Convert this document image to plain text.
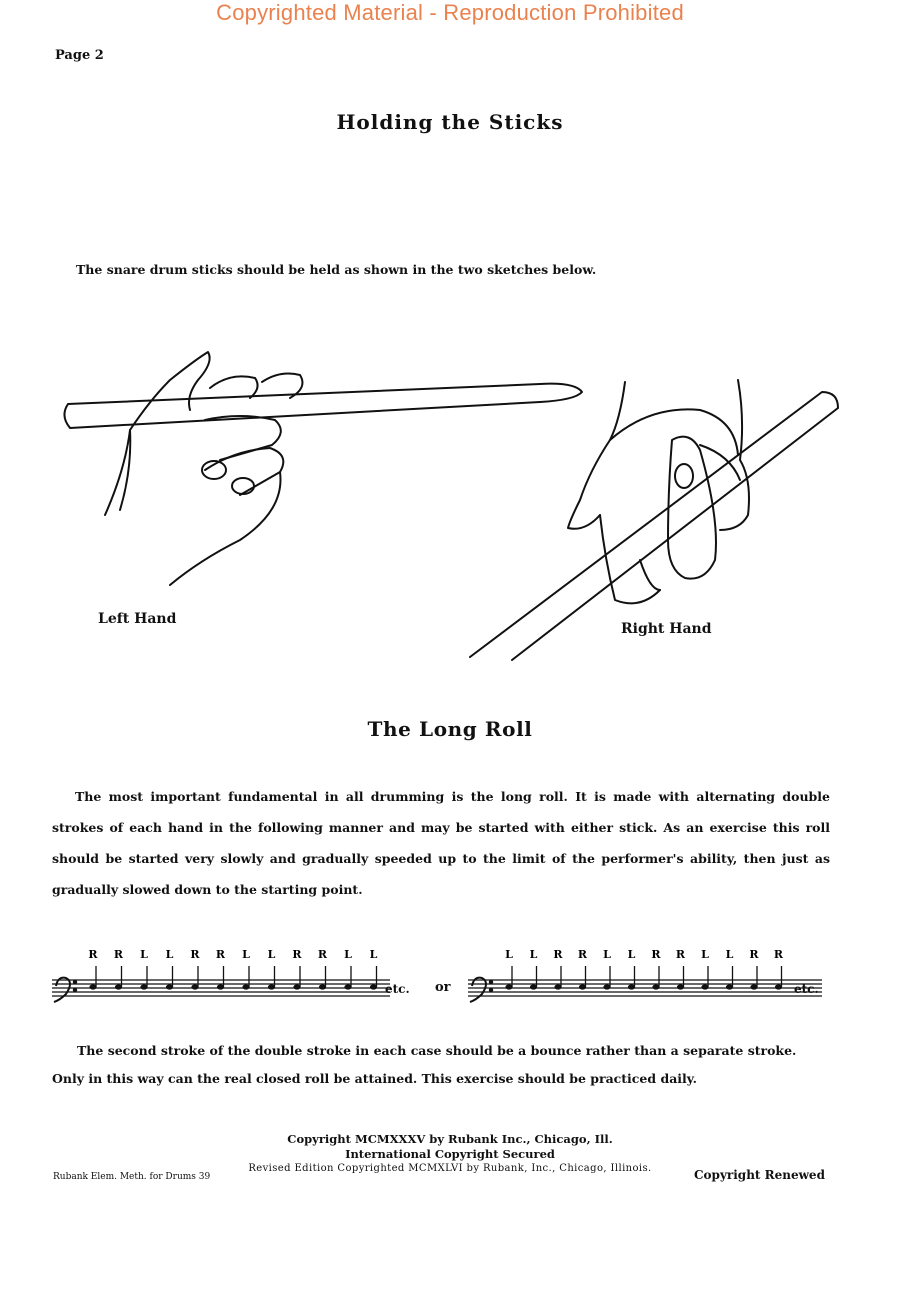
Copyrighted Material - Reproduction Prohibited
Page 2
Holding the Sticks
The snare drum sticks should be held as shown in the two sketches below.
Left Hand
Right Hand
The Long Roll
The most important fundamental in all drumming is the long roll. It is made with alternating double strokes of each hand in the following manner and may be started with either stick. As an exercise this roll should be started very slowly and gradually speeded up to the limit of the performer's ability, then just as gradually slowed down to the starting point.
R R L L R R L L R R L L	L L R R L L R R L L R R
etc. or	etc.
The second stroke of the double stroke in each case should be a bounce rather than a separate stroke. Only in this way can the real closed roll be attained. This exercise should be practiced daily.
Copyright MCMXXXV by Rubank Inc., Chicago, Ill.
International Copyright Secured
Revised Edition Copyrighted MCMXLVI by Rubank, Inc., Chicago, Illinois.
Rubank Elem. Meth. for Drums 39	Copyright Renewed
